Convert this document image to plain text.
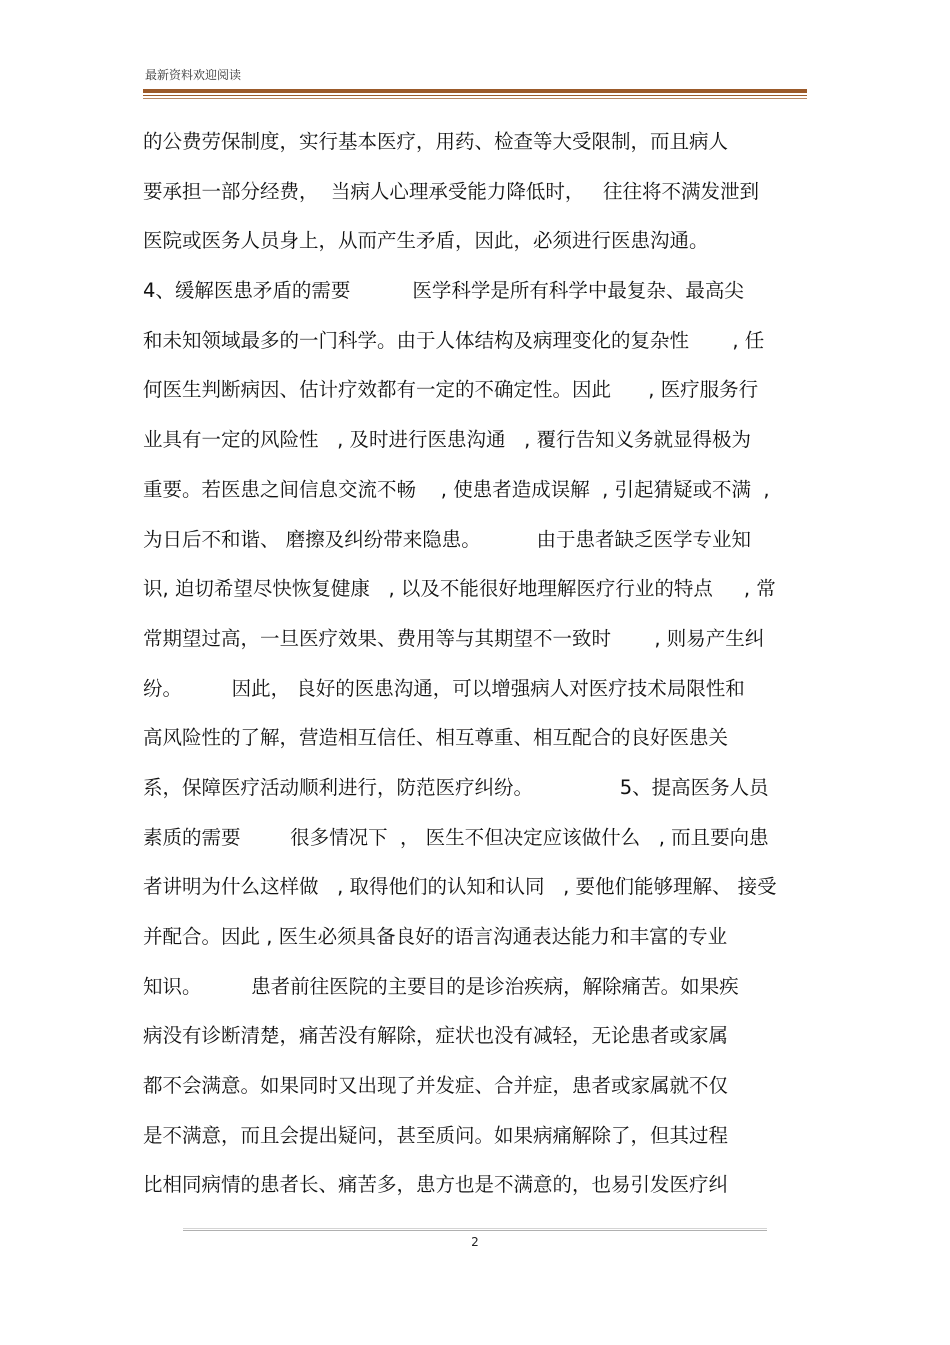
最新资料欢迎阅读
的公费劳保制度，实行基本医疗，用药、检查等大受限制，而且病人
要承担一部分经费，  当病人心理承受能力降低时，   往往将不满发泄到
医院或医务人员身上，从而产生矛盾，因此，必须进行医患沟通。
4、缓解医患矛盾的需要          医学科学是所有科学中最复杂、最高尖
和未知领域最多的一门科学。由于人体结构及病理变化的复杂性       , 任
何医生判断病因、估计疗效都有一定的不确定性。因此      , 医疗服务行
业具有一定的风险性   , 及时进行医患沟通   , 覆行告知义务就显得极为
重要。若医患之间信息交流不畅    , 使患者造成误解  , 引起猜疑或不满  ,
为日后不和谐、 磨擦及纠纷带来隐患。         由于患者缺乏医学专业知
识, 迫切希望尽快恢复健康   , 以及不能很好地理解医疗行业的特点     , 常
常期望过高，一旦医疗效果、费用等与其期望不一致时       , 则易产生纠
纷。        因此， 良好的医患沟通，可以增强病人对医疗技术局限性和
高风险性的了解，营造相互信任、相互尊重、相互配合的良好医患关
系，保障医疗活动顺利进行，防范医疗纠纷。              5、提高医务人员
素质的需要        很多情况下  ， 医生不但决定应该做什么   , 而且要向患
者讲明为什么这样做   , 取得他们的认知和认同   , 要他们能够理解、 接受
并配合。因此 , 医生必须具备良好的语言沟通表达能力和丰富的专业
知识。        患者前往医院的主要目的是诊治疾病，解除痛苦。如果疾
病没有诊断清楚，痛苦没有解除，症状也没有减轻，无论患者或家属
都不会满意。如果同时又出现了并发症、合并症，患者或家属就不仅
是不满意，而且会提出疑问，甚至质问。如果病痛解除了，但其过程
比相同病情的患者长、痛苦多，患方也是不满意的，也易引发医疗纠
2
